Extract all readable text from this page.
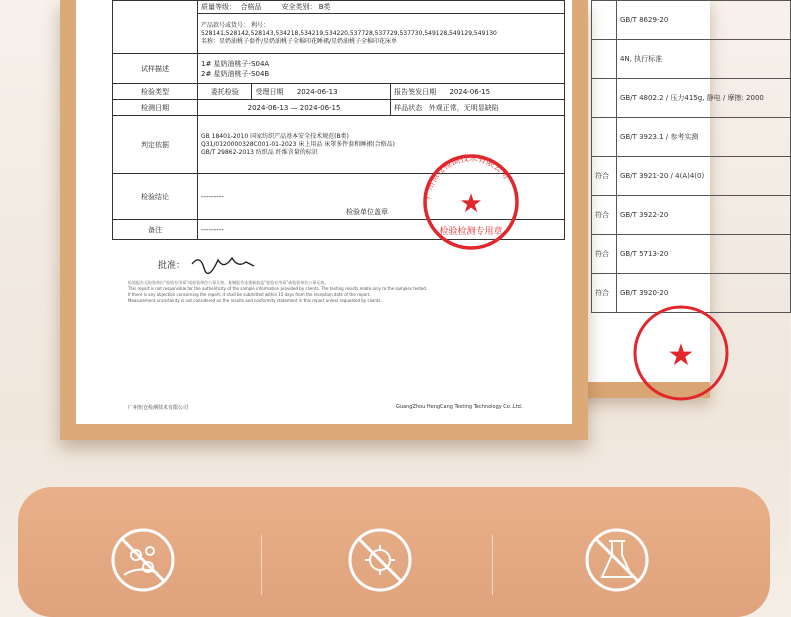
	GB/T 8629-20
	4N, 执行标准
	GB/T 4802.2 / 压力415g, 静电 / 摩擦: 2000
	GB/T 3923.1 / 参考实测
符合	GB/T 3921-20 / 4(A)4(0)
符合	GB/T 3922-20
符合	GB/T 5713-20
符合	GB/T 3920-20
★
	质量等级： 合格品 安全类别： B类		
	产品款号或货号： 利号：528141,528142,528143,534218,534219,534220,537728,537729,537730,549128,549129,549130
名称：星奶油桃子套件/星奶油桃子全棉印花睡裙/星奶油桃子全棉印花床单		
试样描述	1# 星奶油桃子-S04A
2# 星奶油桃子-S04B		
检验类型	委托检验	受理日期 2024-06-13	报告签发日期 2024-06-15
检测日期	2024-06-13 — 2024-06-15		样品状态 外观正常，无明显缺陷
判定依据	GB 18401-2010 国家纺织产品基本安全技术规范(B类)
Q31/0120000328C001-01-2023 床上用品 床罩多件套和睡裙(合格品)
GB/T 29862-2013 纺织品 纤维含量的标识		
检验结论	---------
检验单位盖章		

备注	---------		
批准：
检验报告无检验单位“检验专用章”或检验单位公章无效。复制报告未重新加盖“检验专用章”或检验单位公章无效。
This report is not responsible for the authenticity of the sample information provided by clients. The testing results relate only to the samples tested.
If there is any objection concerning the report, it shall be submitted within 15 days from the reception date of the report.
Measurement uncertainty is not considered on the results and conformity statement in this report unless requested by clients.
广州恒仓检测技术有限公司	GuangZhou HengCang Testing Technology Co.,Ltd.
广州恒仓检测技术有限公司
★
检验检测专用章
